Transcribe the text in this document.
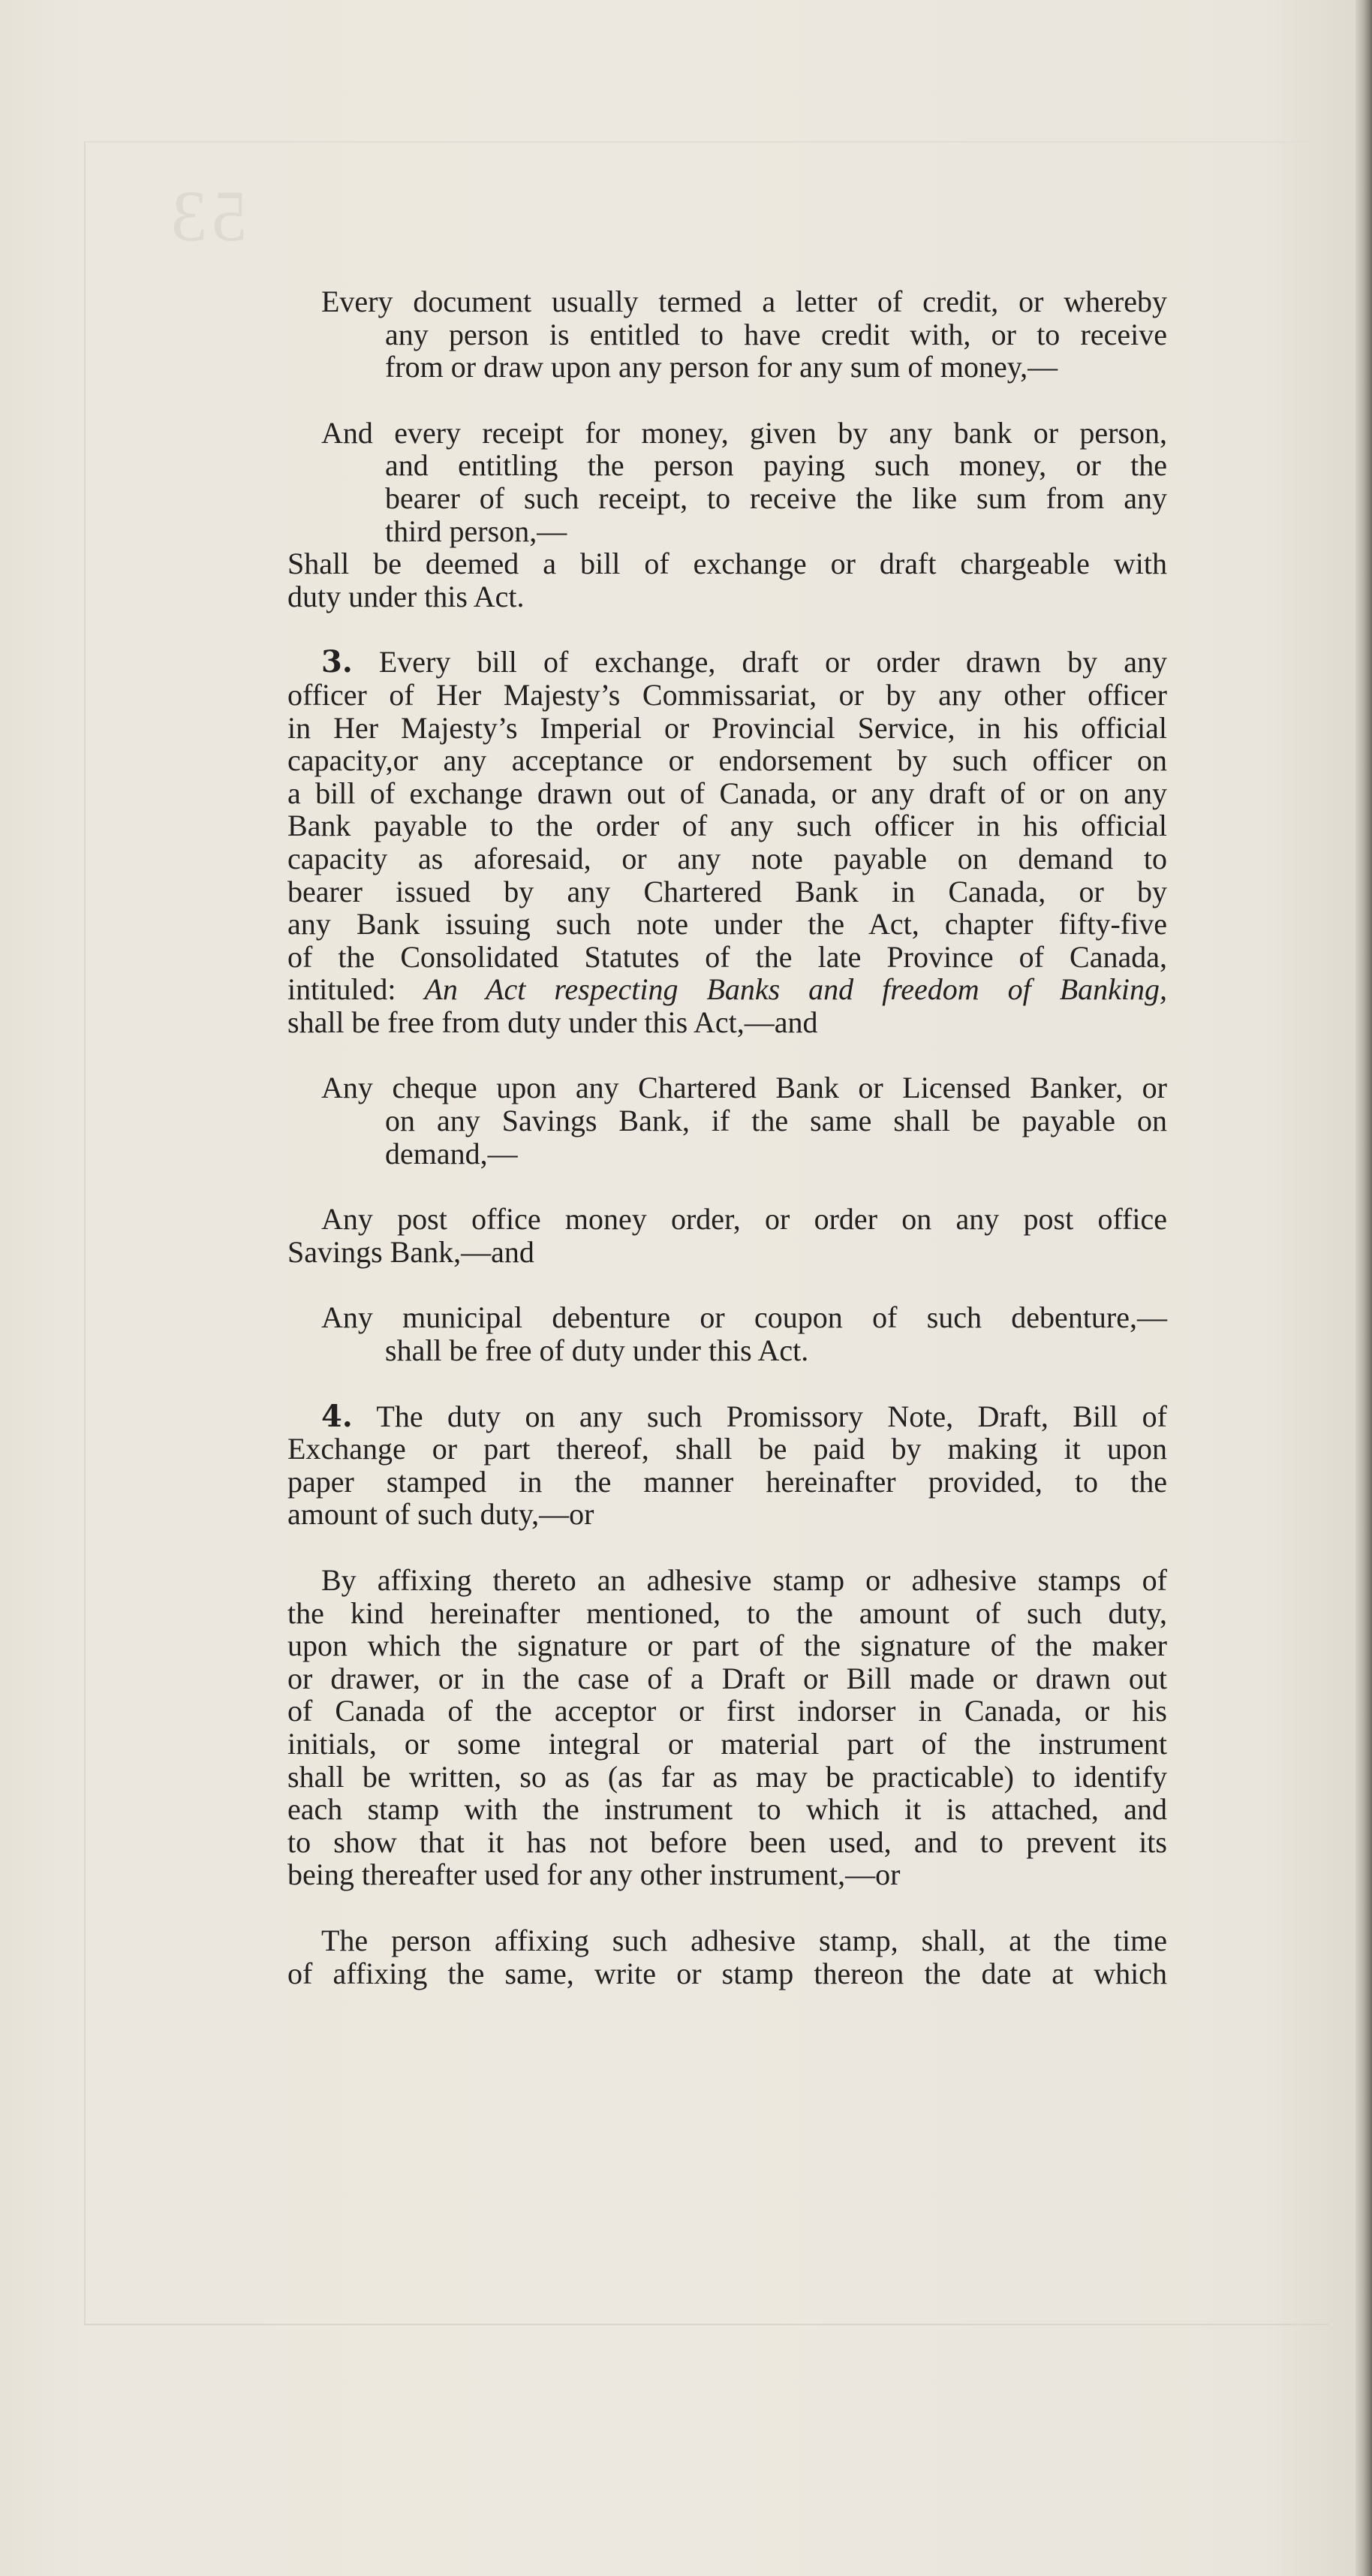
53
Every document usually termed a letter of credit, or whereby
any person is entitled to have credit with, or to receive
from or draw upon any person for any sum of money,—
And every receipt for money, given by any bank or person,
and entitling the person paying such money, or the
bearer of such receipt, to receive the like sum from any
third person,—
Shall be deemed a bill of exchange or draft chargeable with
duty under this Act.
3. Every bill of exchange, draft or order drawn by any
officer of Her Majesty’s Commissariat, or by any other officer
in Her Majesty’s Imperial or Provincial Service, in his official
capacity,or any acceptance or endorsement by such officer on
a bill of exchange drawn out of Canada, or any draft of or on any
Bank payable to the order of any such officer in his official
capacity as aforesaid, or any note payable on demand to
bearer issued by any Chartered Bank in Canada, or by
any Bank issuing such note under the Act, chapter fifty-five
of the Consolidated Statutes of the late Province of Canada,
intituled: An Act respecting Banks and freedom of Banking,
shall be free from duty under this Act,—and
Any cheque upon any Chartered Bank or Licensed Banker, or
on any Savings Bank, if the same shall be payable on
demand,—
Any post office money order, or order on any post office
Savings Bank,—and
Any municipal debenture or coupon of such debenture,—
shall be free of duty under this Act.
4. The duty on any such Promissory Note, Draft, Bill of
Exchange or part thereof, shall be paid by making it upon
paper stamped in the manner hereinafter provided, to the
amount of such duty,—or
By affixing thereto an adhesive stamp or adhesive stamps of
the kind hereinafter mentioned, to the amount of such duty,
upon which the signature or part of the signature of the maker
or drawer, or in the case of a Draft or Bill made or drawn out
of Canada of the acceptor or first indorser in Canada, or his
initials, or some integral or material part of the instrument
shall be written, so as (as far as may be practicable) to identify
each stamp with the instrument to which it is attached, and
to show that it has not before been used, and to prevent its
being thereafter used for any other instrument,—or
The person affixing such adhesive stamp, shall, at the time
of affixing the same, write or stamp thereon the date at which
